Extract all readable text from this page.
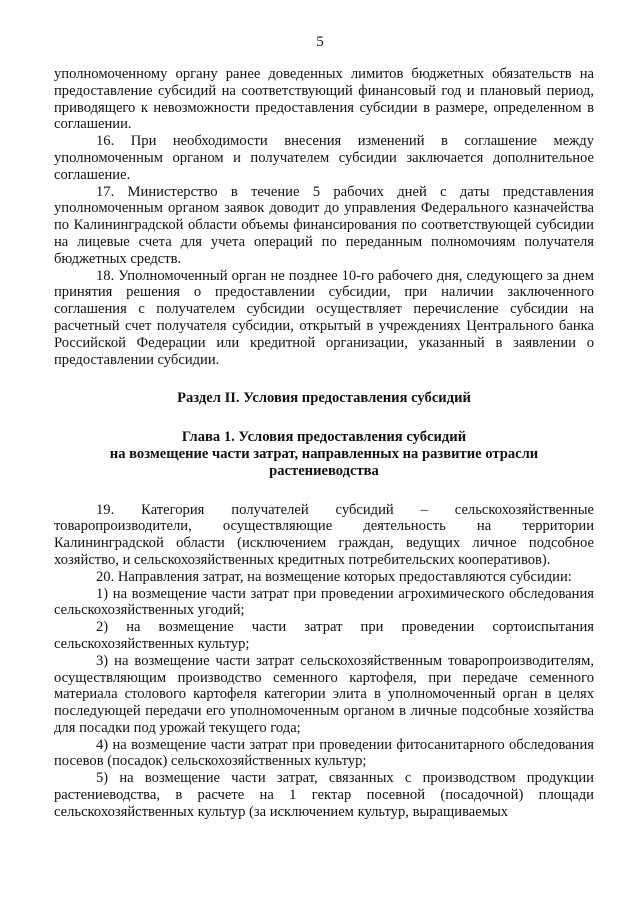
5

уполномоченному органу ранее доведенных лимитов бюджетных обязательств на предоставление субсидий на соответствующий финансовый год и плановый период, приводящего к невозможности предоставления субсидии в размере, определенном в соглашении.

16. При необходимости внесения изменений в соглашение между уполномоченным органом и получателем субсидии заключается дополнительное соглашение.

17. Министерство в течение 5 рабочих дней с даты представления уполномоченным органом заявок доводит до управления Федерального казначейства по Калининградской области объемы финансирования по соответствующей субсидии на лицевые счета для учета операций по переданным полномочиям получателя бюджетных средств.

18. Уполномоченный орган не позднее 10-го рабочего дня, следующего за днем принятия решения о предоставлении субсидии, при наличии заключенного соглашения с получателем субсидии осуществляет перечисление субсидии на расчетный счет получателя субсидии, открытый в учреждениях Центрального банка Российской Федерации или кредитной организации, указанный в заявлении о предоставлении субсидии.

Раздел II. Условия предоставления субсидий

Глава 1. Условия предоставления субсидий
на возмещение части затрат, направленных на развитие отрасли
растениеводства

19. Категория получателей субсидий – сельскохозяйственные товаропроизводители, осуществляющие деятельность на территории Калининградской области (исключением граждан, ведущих личное подсобное хозяйство, и сельскохозяйственных кредитных потребительских кооперативов).

20. Направления затрат, на возмещение которых предоставляются субсидии:

1) на возмещение части затрат при проведении агрохимического обследования сельскохозяйственных угодий;

2) на возмещение части затрат при проведении сортоиспытания сельскохозяйственных культур;

3) на возмещение части затрат сельскохозяйственным товаропроизводителям, осуществляющим производство семенного картофеля, при передаче семенного материала столового картофеля категории элита в уполномоченный орган в целях последующей передачи его уполномоченным органом в личные подсобные хозяйства для посадки под урожай текущего года;

4) на возмещение части затрат при проведении фитосанитарного обследования посевов (посадок) сельскохозяйственных культур;

5) на возмещение части затрат, связанных с производством продукции растениеводства, в расчете на 1 гектар посевной (посадочной) площади сельскохозяйственных культур (за исключением культур, выращиваемых
